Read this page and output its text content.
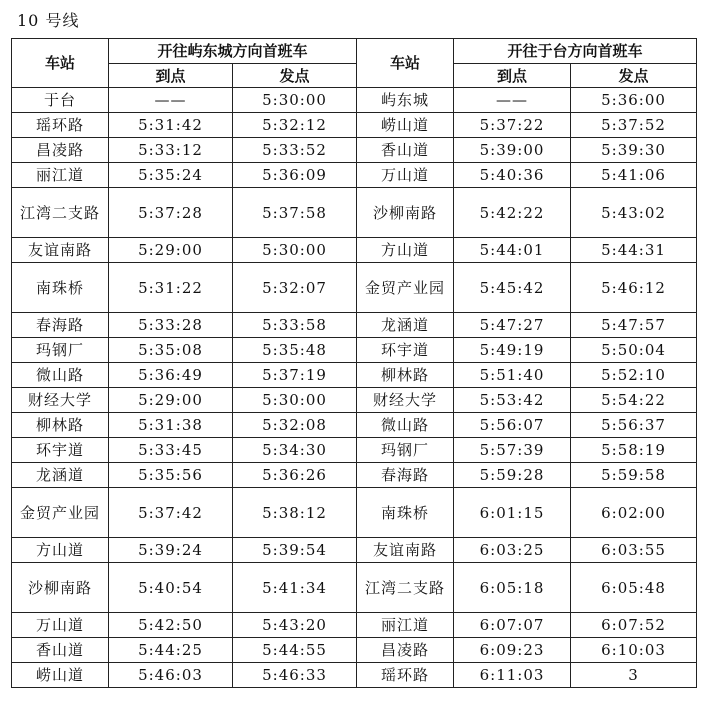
10 号线
车站	开往屿东城方向首班车		车站	开往于台方向首班车	
	到点	发点		到点	发点
于台	——	5:30:00	屿东城	——	5:36:00
瑶环路	5:31:42	5:32:12	崂山道	5:37:22	5:37:52
昌凌路	5:33:12	5:33:52	香山道	5:39:00	5:39:30
丽江道	5:35:24	5:36:09	万山道	5:40:36	5:41:06
江湾二支路	5:37:28	5:37:58	沙柳南路	5:42:22	5:43:02
友谊南路	5:29:00	5:30:00	方山道	5:44:01	5:44:31
南珠桥	5:31:22	5:32:07	金贸产业园	5:45:42	5:46:12
春海路	5:33:28	5:33:58	龙涵道	5:47:27	5:47:57
玛钢厂	5:35:08	5:35:48	环宇道	5:49:19	5:50:04
微山路	5:36:49	5:37:19	柳林路	5:51:40	5:52:10
财经大学	5:29:00	5:30:00	财经大学	5:53:42	5:54:22
柳林路	5:31:38	5:32:08	微山路	5:56:07	5:56:37
环宇道	5:33:45	5:34:30	玛钢厂	5:57:39	5:58:19
龙涵道	5:35:56	5:36:26	春海路	5:59:28	5:59:58
金贸产业园	5:37:42	5:38:12	南珠桥	6:01:15	6:02:00
方山道	5:39:24	5:39:54	友谊南路	6:03:25	6:03:55
沙柳南路	5:40:54	5:41:34	江湾二支路	6:05:18	6:05:48
万山道	5:42:50	5:43:20	丽江道	6:07:07	6:07:52
香山道	5:44:25	5:44:55	昌凌路	6:09:23	6:10:03
崂山道	5:46:03	5:46:33	瑶环路	6:11:03	3
